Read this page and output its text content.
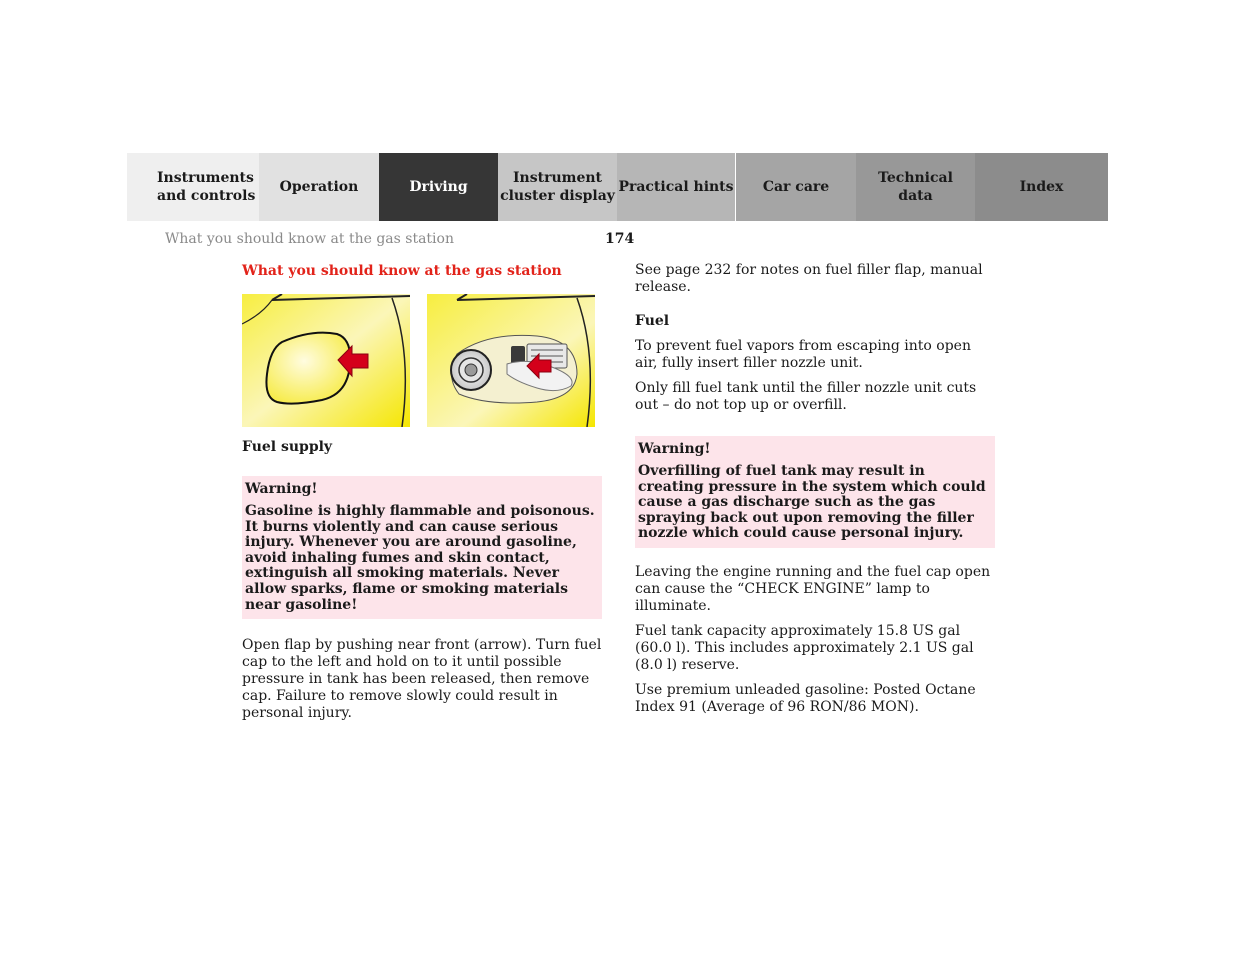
Instruments
and controls
Operation	Driving
Instrument
cluster display
Practical hints Car care
Technical
data
Index
What you should know at the gas station	174

What you should know at the gas station

Fuel supply

Warning!

Gasoline is highly flammable and poisonous. It burns violently and can cause serious injury. Whenever you are around gasoline, avoid inhaling fumes and skin contact, extinguish all smoking materials. Never allow sparks, flame or smoking materials near gasoline!

Open flap by pushing near front (arrow). Turn fuel cap to the left and hold on to it until possible pressure in tank has been released, then remove cap. Failure to remove slowly could result in personal injury.

See page 232 for notes on fuel filler flap, manual release.

Fuel

To prevent fuel vapors from escaping into open air, fully insert filler nozzle unit.

Only fill fuel tank until the filler nozzle unit cuts out – do not top up or overfill.

Warning!

Overfilling of fuel tank may result in creating pressure in the system which could cause a gas discharge such as the gas spraying back out upon removing the filler nozzle which could cause personal injury.

Leaving the engine running and the fuel cap open can cause the “CHECK ENGINE” lamp to illuminate.

Fuel tank capacity approximately 15.8 US gal (60.0 l). This includes approximately 2.1 US gal (8.0 l) reserve.

Use premium unleaded gasoline: Posted Octane Index 91 (Average of 96 RON/86 MON).
